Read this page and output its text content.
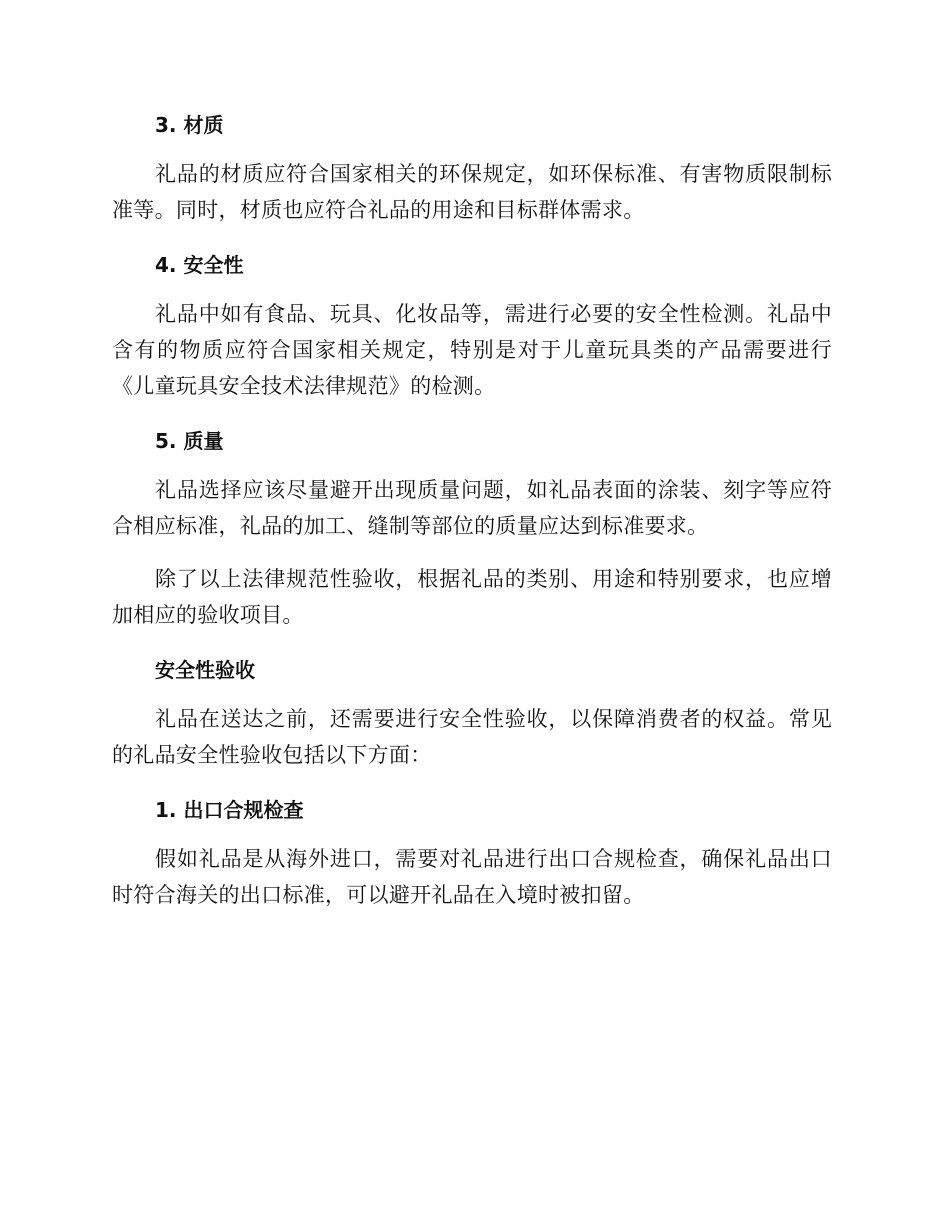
3. 材质

礼品的材质应符合国家相关的环保规定，如环保标准、有害物质限制标准等。同时，材质也应符合礼品的用途和目标群体需求。

4. 安全性

礼品中如有食品、玩具、化妆品等，需进行必要的安全性检测。礼品中含有的物质应符合国家相关规定，特别是对于儿童玩具类的产品需要进行《儿童玩具安全技术法律规范》的检测。

5. 质量

礼品选择应该尽量避开出现质量问题，如礼品表面的涂装、刻字等应符合相应标准，礼品的加工、缝制等部位的质量应达到标准要求。

除了以上法律规范性验收，根据礼品的类别、用途和特别要求，也应增加相应的验收项目。

安全性验收

礼品在送达之前，还需要进行安全性验收，以保障消费者的权益。常见的礼品安全性验收包括以下方面：

1. 出口合规检查

假如礼品是从海外进口，需要对礼品进行出口合规检查，确保礼品出口时符合海关的出口标准，可以避开礼品在入境时被扣留。
